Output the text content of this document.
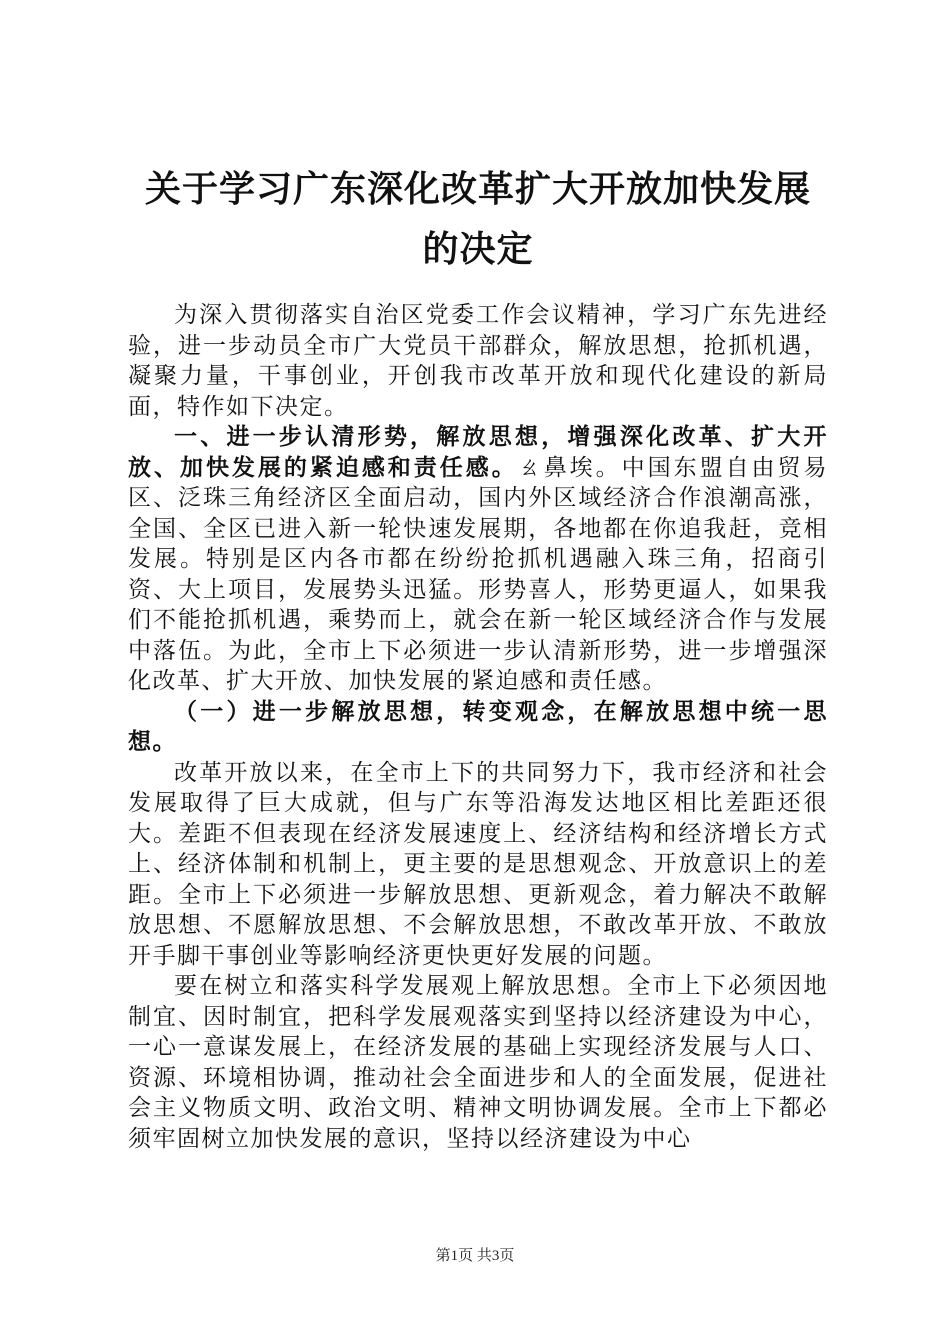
关于学习广东深化改革扩大开放加快发展的决定

为深入贯彻落实自治区党委工作会议精神，学习广东先进经验，进一步动员全市广大党员干部群众，解放思想，抢抓机遇，凝聚力量，干事创业，开创我市改革开放和现代化建设的新局面，特作如下决定。

一、进一步认清形势，解放思想，增强深化改革、扩大开放、加快发展的紧迫感和责任感。ㄠ鼻埃。中国东盟自由贸易区、泛珠三角经济区全面启动，国内外区域经济合作浪潮高涨，全国、全区已进入新一轮快速发展期，各地都在你追我赶，竞相发展。特别是区内各市都在纷纷抢抓机遇融入珠三角，招商引资、大上项目，发展势头迅猛。形势喜人，形势更逼人，如果我们不能抢抓机遇，乘势而上，就会在新一轮区域经济合作与发展中落伍。为此，全市上下必须进一步认清新形势，进一步增强深化改革、扩大开放、加快发展的紧迫感和责任感。

（一）进一步解放思想，转变观念，在解放思想中统一思想。

改革开放以来，在全市上下的共同努力下，我市经济和社会发展取得了巨大成就，但与广东等沿海发达地区相比差距还很大。差距不但表现在经济发展速度上、经济结构和经济增长方式上、经济体制和机制上，更主要的是思想观念、开放意识上的差距。全市上下必须进一步解放思想、更新观念，着力解决不敢解放思想、不愿解放思想、不会解放思想，不敢改革开放、不敢放开手脚干事创业等影响经济更快更好发展的问题。

要在树立和落实科学发展观上解放思想。全市上下必须因地制宜、因时制宜，把科学发展观落实到坚持以经济建设为中心，一心一意谋发展上，在经济发展的基础上实现经济发展与人口、资源、环境相协调，推动社会全面进步和人的全面发展，促进社会主义物质文明、政治文明、精神文明协调发展。全市上下都必须牢固树立加快发展的意识，坚持以经济建设为中心

第1页 共3页
